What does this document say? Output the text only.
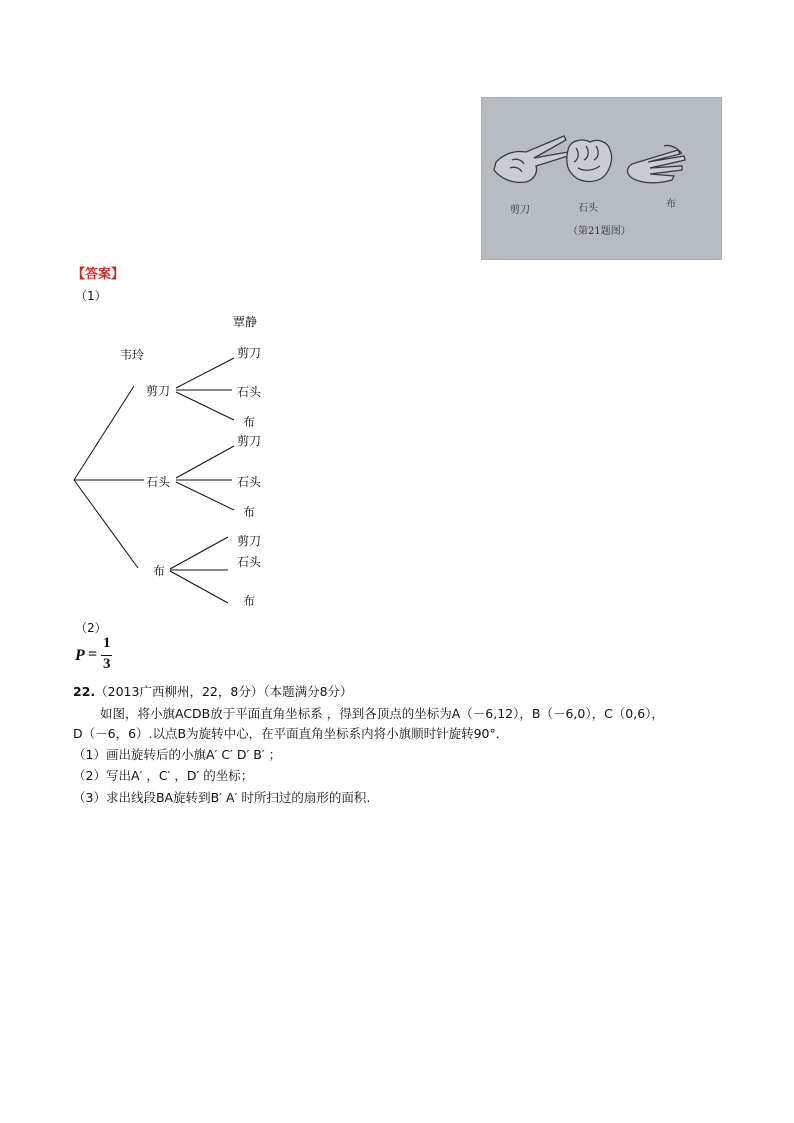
剪刀	石头	布
（第21题图）
【答案】
（1）
覃静
韦玲
剪刀
石头
布
剪刀
石头
布
剪刀
石头
布
剪刀
石头
布
（2）
P =
1
3
22.（2013广西柳州，22，8分）（本题满分8分）
如图，将小旗ACDB放于平面直角坐标系 ，得到各顶点的坐标为A（－6,12），B（－6,0），C（0,6），
D（－6，6）.以点B为旋转中心，在平面直角坐标系内将小旗顺时针旋转90°．
（1）画出旋转后的小旗A′ C′ D′ B′ ；
（2）写出A′ ，C′ ，D′ 的坐标；
（3）求出线段BA旋转到B′ A′ 时所扫过的扇形的面积.
